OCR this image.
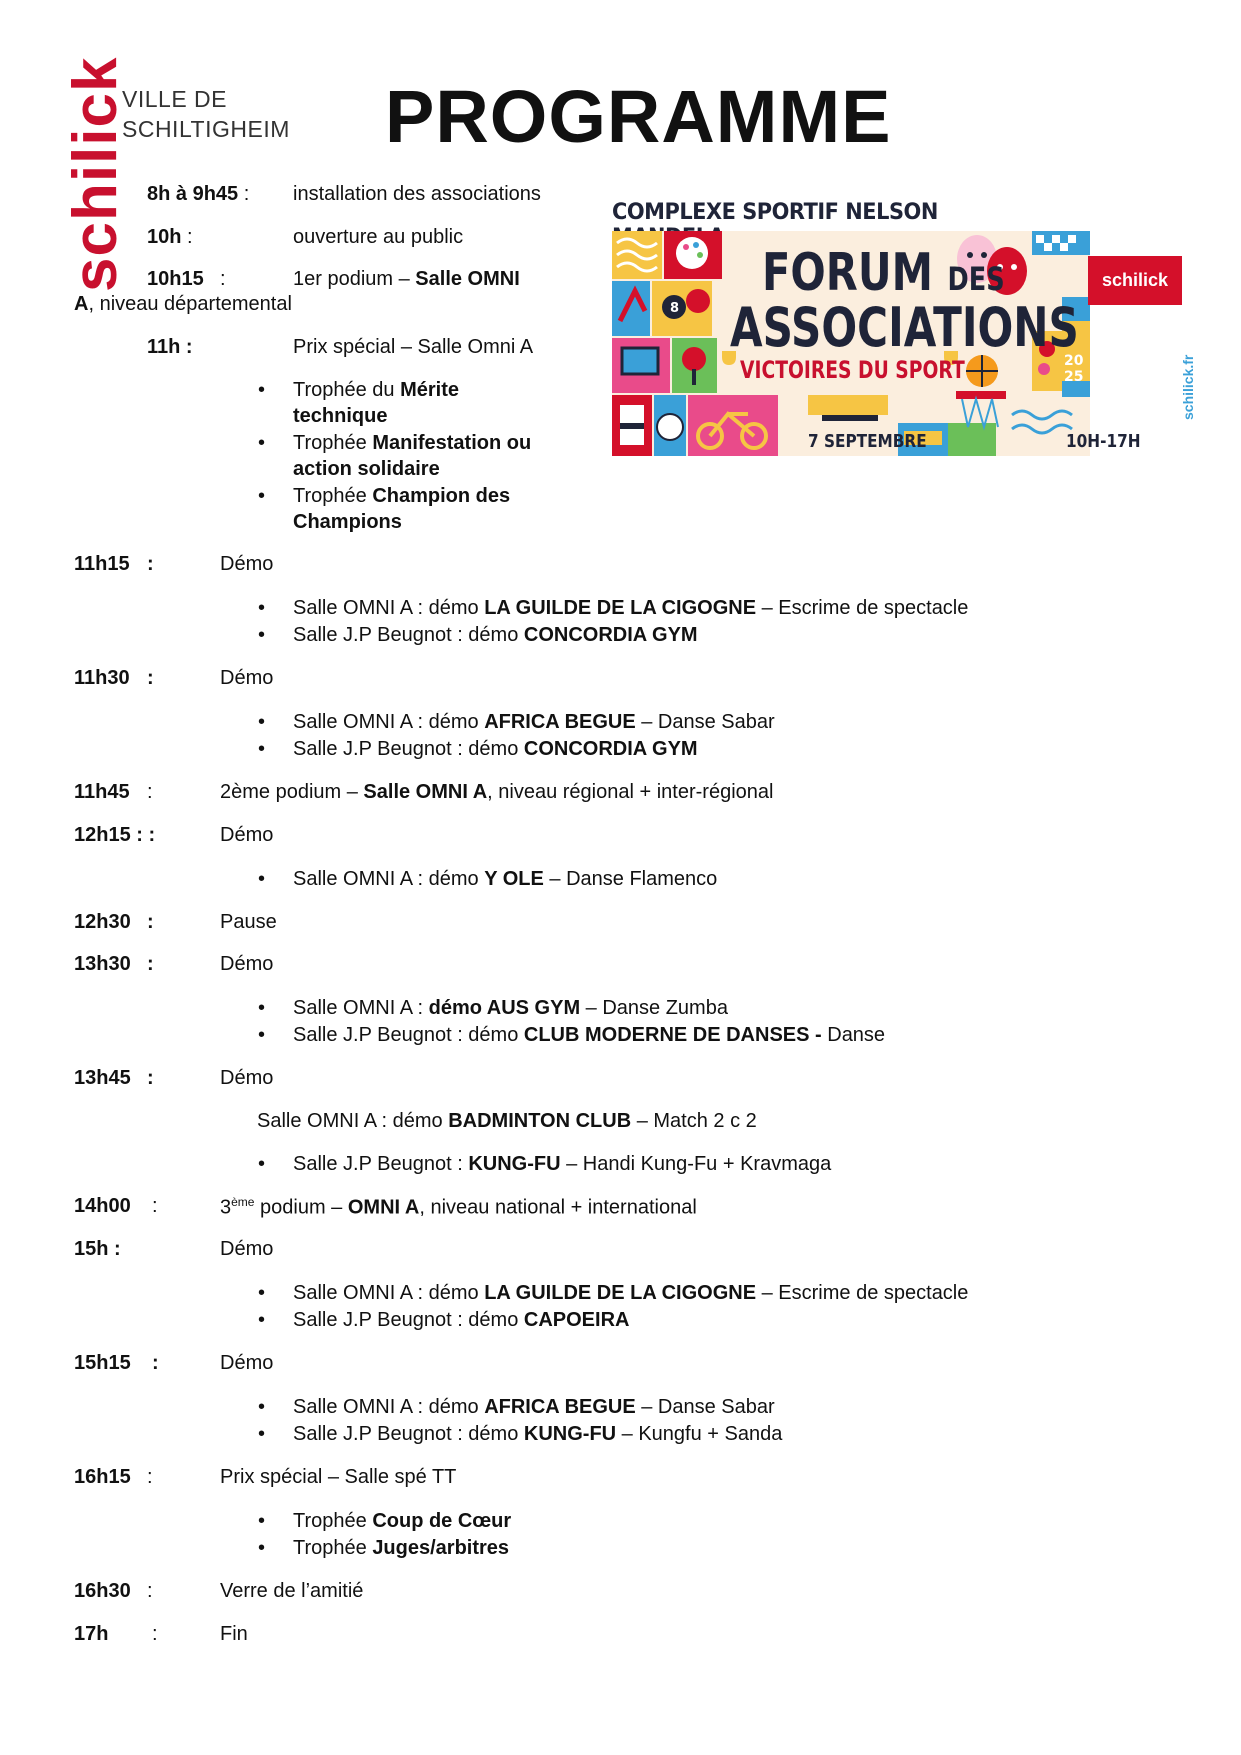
schilick
VILLE DE
SCHILTIGHEIM PROGRAMME
COMPLEXE SPORTIF NELSON
8
20
25
FORUM DES
ASSOCIATIONS
VICTOIRES DU SPORT
7 SEPTEMBRE	10H-17H
schilick
schilick.fr
8h à 9h45 : installation des associations
10h :	ouverture au public
10h15 :	1er podium – Salle OMNI
A, niveau départemental
11h :	Prix spécial – Salle Omni A
• Trophée du Mérite
technique
• Trophée Manifestation ou
action solidaire
• Trophée Champion des
Champions
11h15 :	Démo
• Salle OMNI A : démo LA GUILDE DE LA CIGOGNE – Escrime de spectacle
• Salle J.P Beugnot : démo CONCORDIA GYM
11h30 :	Démo
• Salle OMNI A : démo AFRICA BEGUE – Danse Sabar
• Salle J.P Beugnot : démo CONCORDIA GYM
11h45 :	2ème podium – Salle OMNI A, niveau régional + inter-régional
12h15 : :	Démo
• Salle OMNI A : démo Y OLE – Danse Flamenco
12h30 :	Pause
13h30 :	Démo
• Salle OMNI A : démo AUS GYM – Danse Zumba
• Salle J.P Beugnot : démo CLUB MODERNE DE DANSES - Danse
13h45 :	Démo
Salle OMNI A : démo BADMINTON CLUB – Match 2 c 2
• Salle J.P Beugnot : KUNG-FU – Handi Kung-Fu + Kravmaga
14h00 :	3ème podium – OMNI A, niveau national + international
15h :	Démo
• Salle OMNI A : démo LA GUILDE DE LA CIGOGNE – Escrime de spectacle
• Salle J.P Beugnot : démo CAPOEIRA
15h15 :	Démo
• Salle OMNI A : démo AFRICA BEGUE – Danse Sabar
• Salle J.P Beugnot : démo KUNG-FU – Kungfu + Sanda
16h15 :	Prix spécial – Salle spé TT
• Trophée Coup de Cœur
• Trophée Juges/arbitres
16h30 :	Verre de l’amitié
17h :	Fin
